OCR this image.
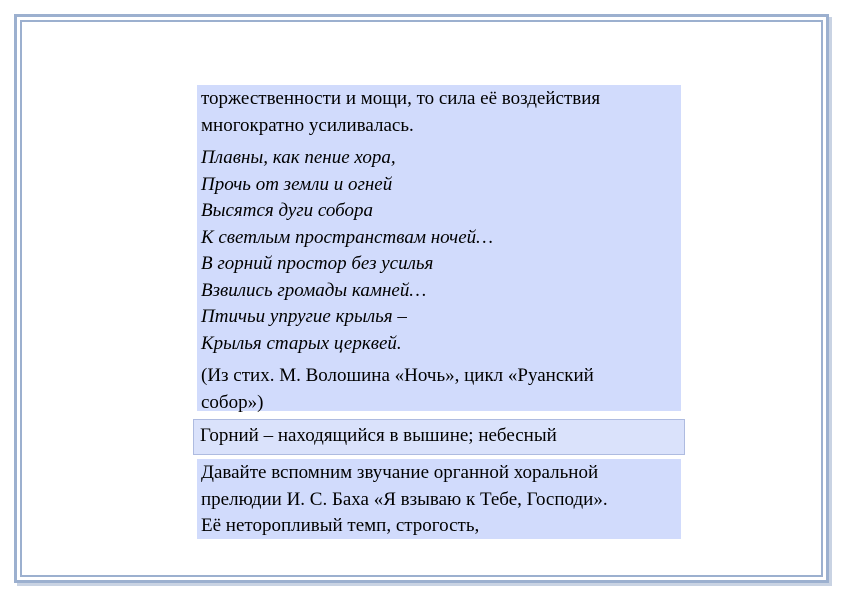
торжественности и мощи, то сила её воздействия
многократно усиливалась.

Плавны, как пение хора,
Прочь от земли и огней
Высятся дуги собора
К светлым пространствам ночей…
В горний простор без усилья
Взвились громады камней…
Птичьи упругие крылья –
Крылья старых церквей.

(Из стих. М. Волошина «Ночь», цикл «Руанский
собор»)

Горний – находящийся в вышине; небесный

Давайте вспомним звучание органной хоральной
прелюдии И. С. Баха «Я взываю к Тебе, Господи».
Её неторопливый темп, строгость,
